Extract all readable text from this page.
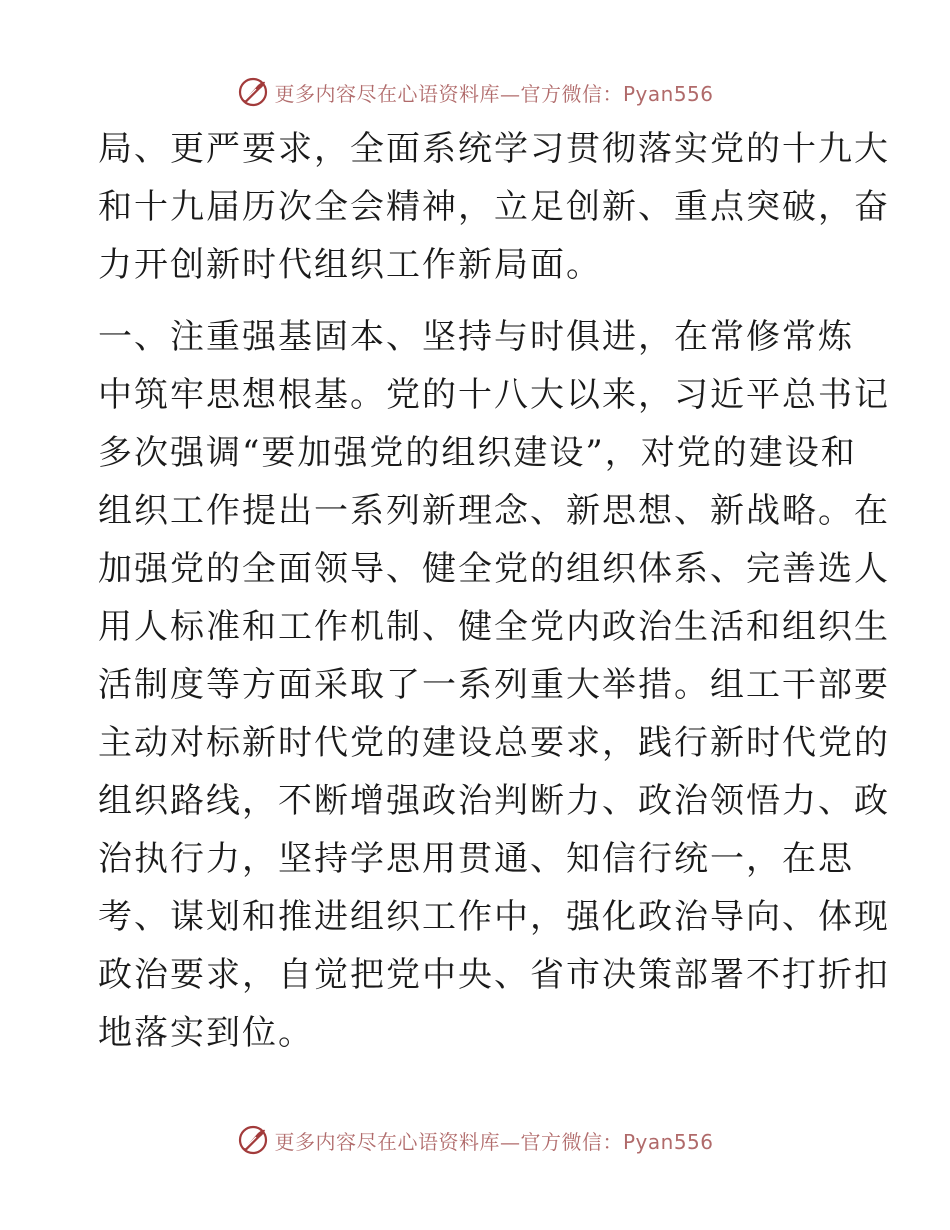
更多内容尽在心语资料库—官方微信：Pyan556
局、更严要求，全面系统学习贯彻落实党的十九大
和十九届历次全会精神，立足创新、重点突破，奋
力开创新时代组织工作新局面。
一、注重强基固本、坚持与时俱进，在常修常炼
中筑牢思想根基。党的十八大以来，习近平总书记
多次强调“要加强党的组织建设”，对党的建设和
组织工作提出一系列新理念、新思想、新战略。在
加强党的全面领导、健全党的组织体系、完善选人
用人标准和工作机制、健全党内政治生活和组织生
活制度等方面采取了一系列重大举措。组工干部要
主动对标新时代党的建设总要求，践行新时代党的
组织路线，不断增强政治判断力、政治领悟力、政
治执行力，坚持学思用贯通、知信行统一，在思
考、谋划和推进组织工作中，强化政治导向、体现
政治要求，自觉把党中央、省市决策部署不打折扣
地落实到位。
更多内容尽在心语资料库—官方微信：Pyan556
